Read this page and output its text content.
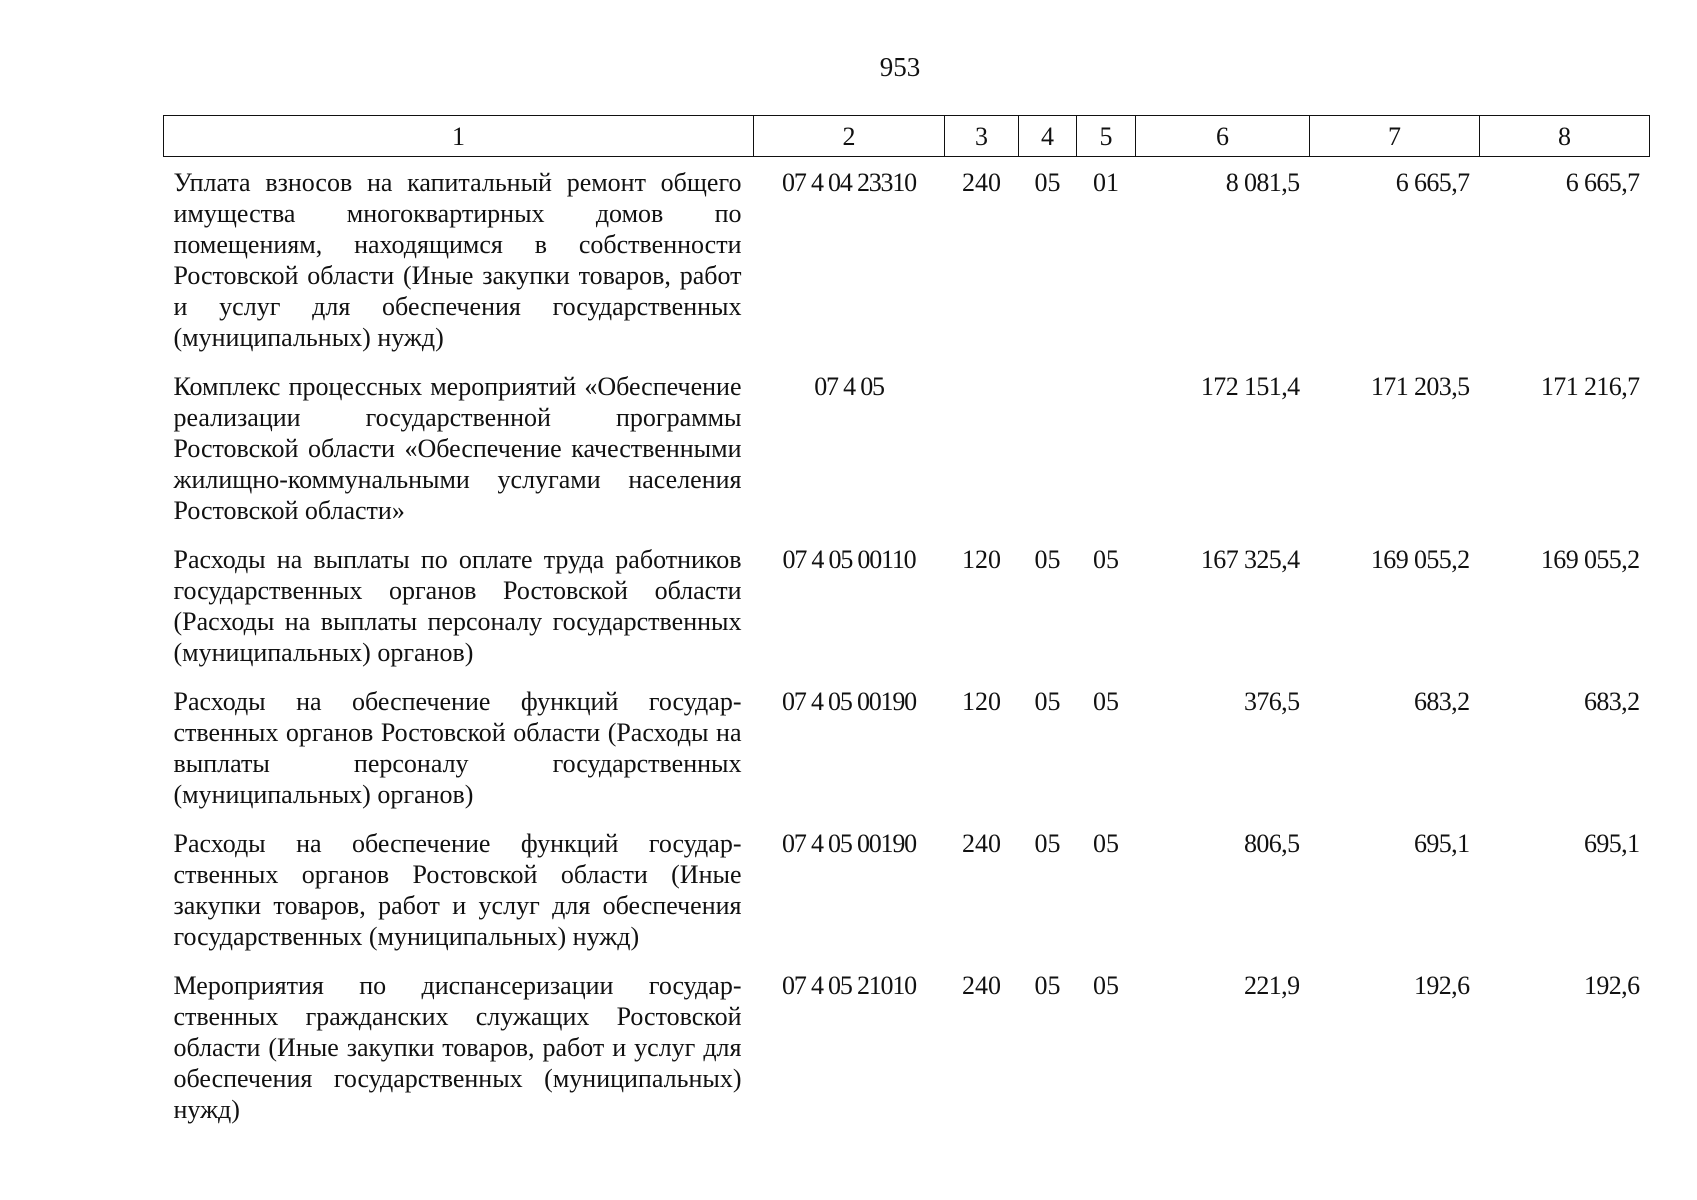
953
1	2	3	4	5	6	7	8
Уплата взносов на капитальный ремонт общего имущества многоквартирных домов по помещениям, находящимся в собственности Ростовской области (Иные закупки товаров, работ и услуг для обеспечения государственных (муниципальных) нужд)	07 4 04 23310	240	05	01	8 081,5	6 665,7	6 665,7
Комплекс процессных мероприятий «Обеспечение реализации государственной программы Ростовской области «Обеспечение качественными жилищно-коммунальными услугами населения Ростовской области»	07 4 05				172 151,4	171 203,5	171 216,7
Расходы на выплаты по оплате труда работников государственных органов Ростовской области (Расходы на выплаты персоналу государственных (муниципальных) органов)	07 4 05 00110	120	05	05	167 325,4	169 055,2	169 055,2
Расходы на обеспечение функций государственных органов Ростовской области (Расходы на выплаты персоналу государственных (муниципальных) органов)	07 4 05 00190	120	05	05	376,5	683,2	683,2
Расходы на обеспечение функций государственных органов Ростовской области (Иные закупки товаров, работ и услуг для обеспечения государственных (муниципальных) нужд)	07 4 05 00190	240	05	05	806,5	695,1	695,1
Мероприятия по диспансеризации государственных гражданских служащих Ростовской области (Иные закупки товаров, работ и услуг для обеспечения государственных (муниципальных) нужд)	07 4 05 21010	240	05	05	221,9	192,6	192,6
